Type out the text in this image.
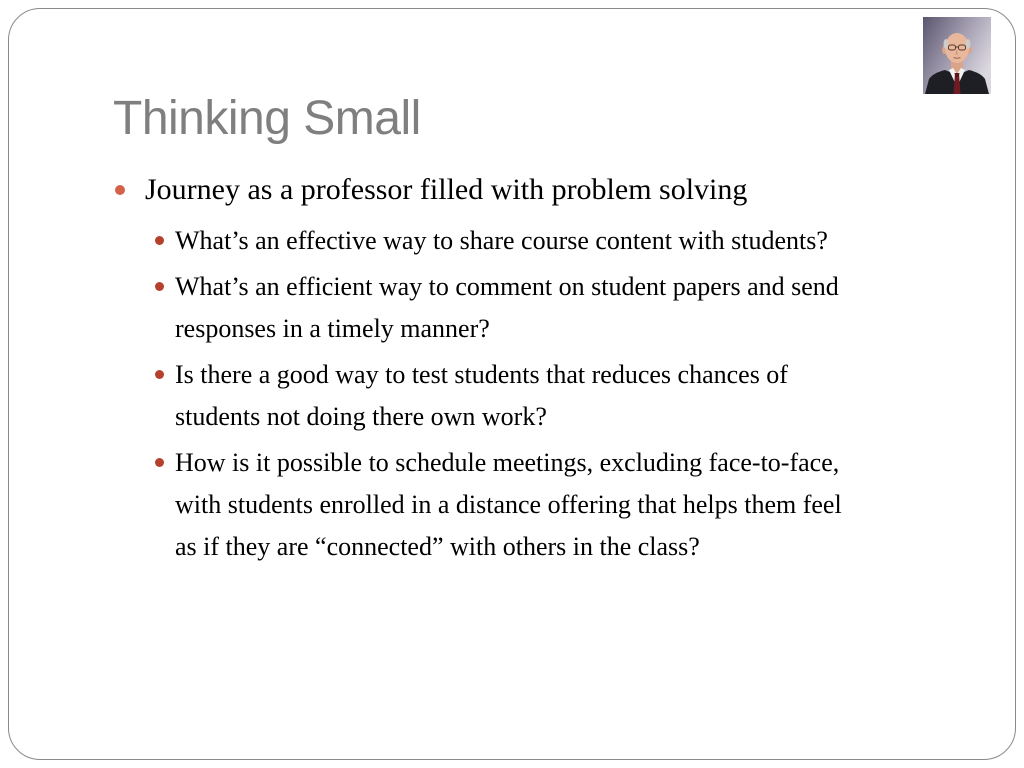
Thinking Small
Journey as a professor filled with problem solving
What’s an effective way to share course content with students?
What’s an efficient way to comment on student papers and send
responses in a timely manner?
Is there a good way to test students that reduces chances of
students not doing there own work?
How is it possible to schedule meetings, excluding face-to-face,
with students enrolled in a distance offering that helps them feel
as if they are “connected” with others in the class?
